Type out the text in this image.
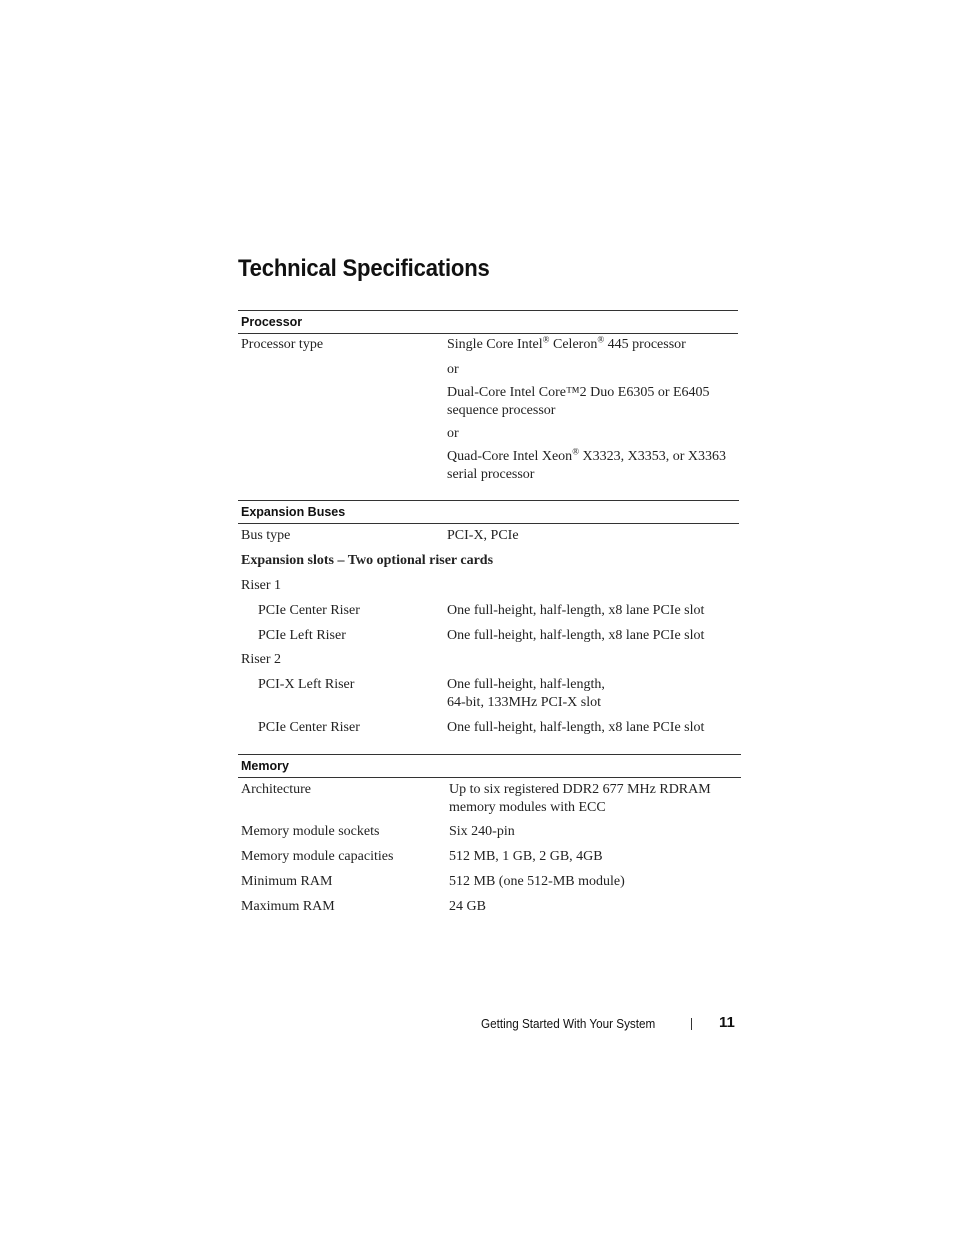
Technical Specifications
Processor
Processor type	Single Core Intel® Celeron® 445 processor

or

Dual-Core Intel Core™2 Duo E6305 or E6405

sequence processor

or

Quad-Core Intel Xeon® X3323, X3353, or X3363

serial processor

Expansion Buses
Bus type	PCI-X, PCIe
Expansion slots – Two optional riser cards
Riser 1
PCIe Center Riser	One full-height, half-length, x8 lane PCIe slot
PCIe Left Riser	One full-height, half-length, x8 lane PCIe slot
Riser 2
PCI-X Left Riser	One full-height, half-length,

64-bit, 133MHz PCI-X slot

PCIe Center Riser	One full-height, half-length, x8 lane PCIe slot
Memory
Architecture	Up to six registered DDR2 677 MHz RDRAM

memory modules with ECC

Memory module sockets	Six 240-pin
Memory module capacities	512 MB, 1 GB, 2 GB, 4GB
Minimum RAM	512 MB (one 512-MB module)
Maximum RAM	24 GB
Getting Started With Your System	11
